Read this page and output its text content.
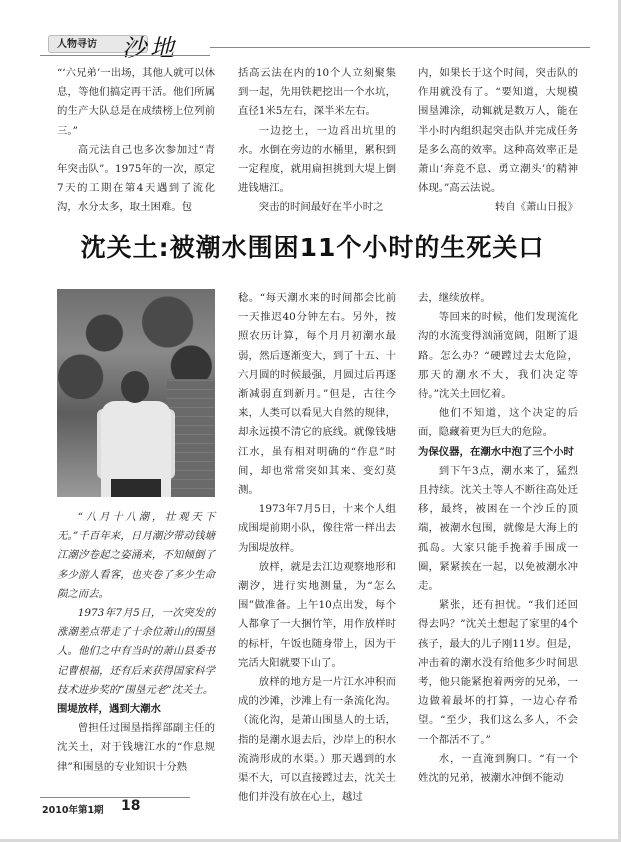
人物寻访	沙地

“‘六兄弟’一出场，其他人就可以休息，等他们搞定再干活。他们所属的生产大队总是在成绩榜上位列前三。”

高元法自己也多次参加过“青年突击队”。1975年的一次，原定7天的工期在第4天遇到了流化沟，水分太多，取土困难。包

括高云法在内的10个人立刻聚集到一起，先用铁耙挖出一个水坑，直径1米5左右，深半米左右。

一边挖土，一边舀出坑里的水。水倒在旁边的水桶里，累积到一定程度，就用扁担挑到大堤上倒进钱塘江。

突击的时间最好在半小时之

内，如果长于这个时间，突击队的作用就没有了。“要知道，大规模围垦滩涂，动辄就是数万人，能在半小时内组织起突击队并完成任务是多么高的效率。这种高效率正是萧山‘奔竞不息、勇立潮头’的精神体现。”高云法说。

转自《萧山日报》

沈关土:被潮水围困11个小时的生死关口

“八月十八潮，壮观天下无。”千百年来，日月潮汐带动钱塘江潮汐卷起之姿涌来，不知倾倒了多少游人看客，也夹卷了多少生命陨之而去。

1973年7月5日，一次突发的涨潮差点带走了十余位萧山的围垦人。他们之中有当时的萧山县委书记曹根福，还有后来获得国家科学技术进步奖的“围垦元老”沈关土。

围堤放样，遇到大潮水

曾担任过围垦指挥部副主任的沈关土，对于钱塘江水的“作息规律”和围垦的专业知识十分熟

稔。“每天潮水来的时间都会比前一天推迟40分钟左右。另外，按照农历计算，每个月月初潮水最弱，然后逐渐变大，到了十五、十六月圆的时候最强，月圆过后再逐渐减弱直到新月。”但是，古往今来，人类可以看见大自然的规律，却永远摸不清它的底线。就像钱塘江水，虽有相对明确的“作息”时间，却也常常突如其来、变幻莫测。

1973年7月5日，十来个人组成围堤前期小队，像往常一样出去为围堤放样。

放样，就是去江边观察地形和潮汐，进行实地测量，为“怎么围”做准备。上午10点出发，每个人都拿了一大捆竹竿，用作放样时的标杆，午饭也随身带上，因为干完活大阳就要下山了。

放样的地方是一片江水冲积而成的沙滩，沙滩上有一条流化沟。（流化沟，是萧山围垦人的土话，指的是潮水退去后，沙岸上的积水流淌形成的水渠。）那天遇到的水渠不大，可以直接蹚过去，沈关土他们并没有放在心上，越过

去，继续放样。

等回来的时候，他们发现流化沟的水流变得汹涌宽阔，阻断了退路。怎么办？“硬蹚过去太危险，那天的潮水不大，我们决定等待。”沈关土回忆着。

他们不知道，这个决定的后面，隐藏着更为巨大的危险。

为保仪器，在潮水中泡了三个小时

到下午3点，潮水来了，猛烈且持续。沈关土等人不断往高处迁移，最终，被困在一个沙丘的顶端，被潮水包围，就像是大海上的孤岛。大家只能手挽着手围成一圈，紧紧挨在一起，以免被潮水冲走。

紧张，还有担忧。“我们还回得去吗？”沈关土想起了家里的4个孩子，最大的儿子刚11岁。但是，冲击着的潮水没有给他多少时间思考，他只能紧抱着两旁的兄弟，一边做着最坏的打算，一边心存希望。“至少，我们这么多人，不会一个都活不了。”

水，一直淹到胸口。“有一个姓沈的兄弟，被潮水冲倒不能动

2010年第1期 18
